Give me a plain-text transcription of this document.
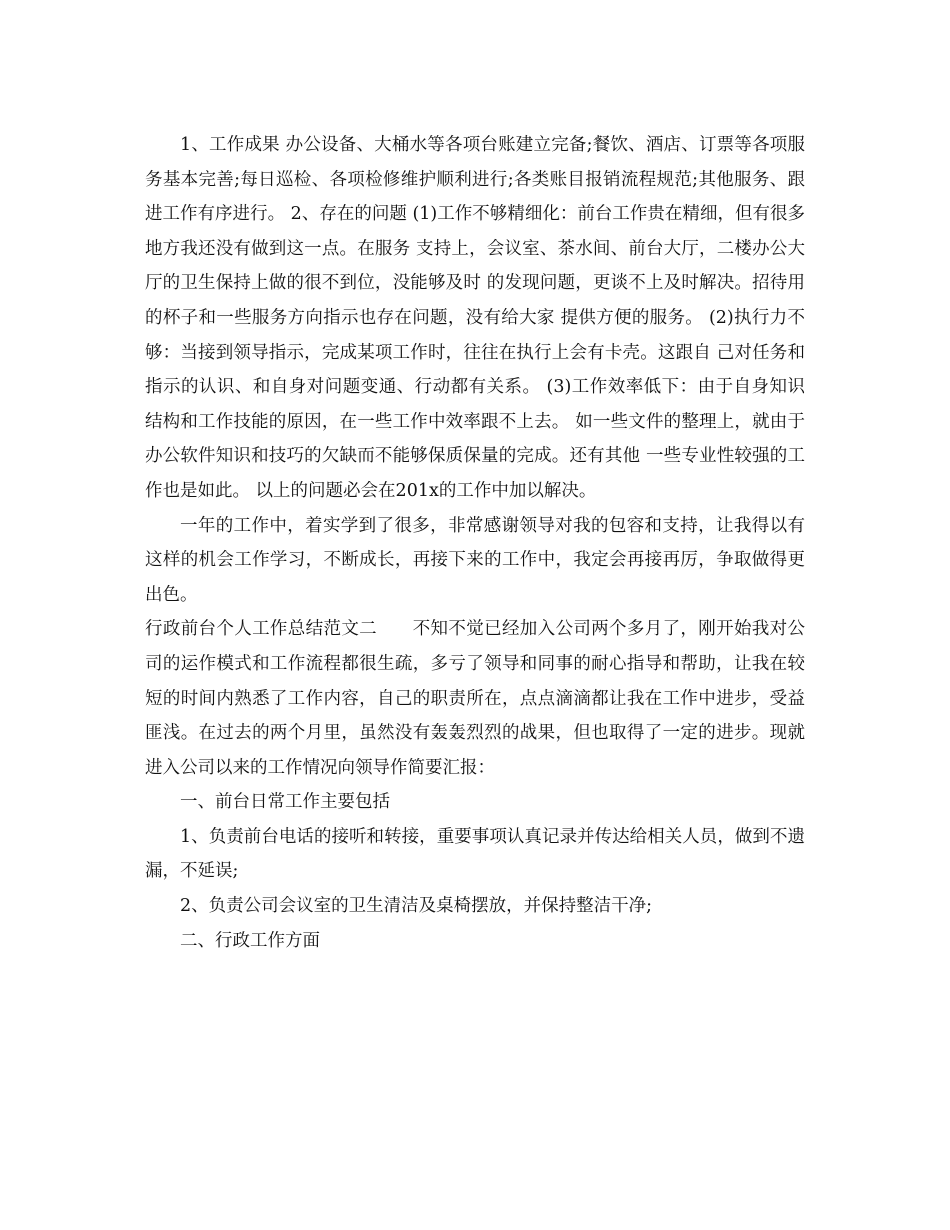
1、工作成果 办公设备、大桶水等各项台账建立完备;餐饮、酒店、订票等各项服务基本完善;每日巡检、各项检修维护顺利进行;各类账目报销流程规范;其他服务、跟进工作有序进行。 2、存在的问题 (1)工作不够精细化：前台工作贵在精细，但有很多地方我还没有做到这一点。在服务 支持上，会议室、茶水间、前台大厅，二楼办公大厅的卫生保持上做的很不到位，没能够及时 的发现问题，更谈不上及时解决。招待用的杯子和一些服务方向指示也存在问题，没有给大家 提供方便的服务。 (2)执行力不够：当接到领导指示，完成某项工作时，往往在执行上会有卡壳。这跟自 己对任务和指示的认识、和自身对问题变通、行动都有关系。 (3)工作效率低下：由于自身知识结构和工作技能的原因，在一些工作中效率跟不上去。 如一些文件的整理上，就由于办公软件知识和技巧的欠缺而不能够保质保量的完成。还有其他 一些专业性较强的工作也是如此。 以上的问题必会在201x的工作中加以解决。

一年的工作中，着实学到了很多，非常感谢领导对我的包容和支持，让我得以有这样的机会工作学习，不断成长，再接下来的工作中，我定会再接再厉，争取做得更出色。

行政前台个人工作总结范文二　　不知不觉已经加入公司两个多月了，刚开始我对公司的运作模式和工作流程都很生疏，多亏了领导和同事的耐心指导和帮助，让我在较短的时间内熟悉了工作内容，自己的职责所在，点点滴滴都让我在工作中进步，受益匪浅。在过去的两个月里，虽然没有轰轰烈烈的战果，但也取得了一定的进步。现就进入公司以来的工作情况向领导作简要汇报：

一、前台日常工作主要包括

1、负责前台电话的接听和转接，重要事项认真记录并传达给相关人员，做到不遗漏，不延误;

2、负责公司会议室的卫生清洁及桌椅摆放，并保持整洁干净;

二、行政工作方面
